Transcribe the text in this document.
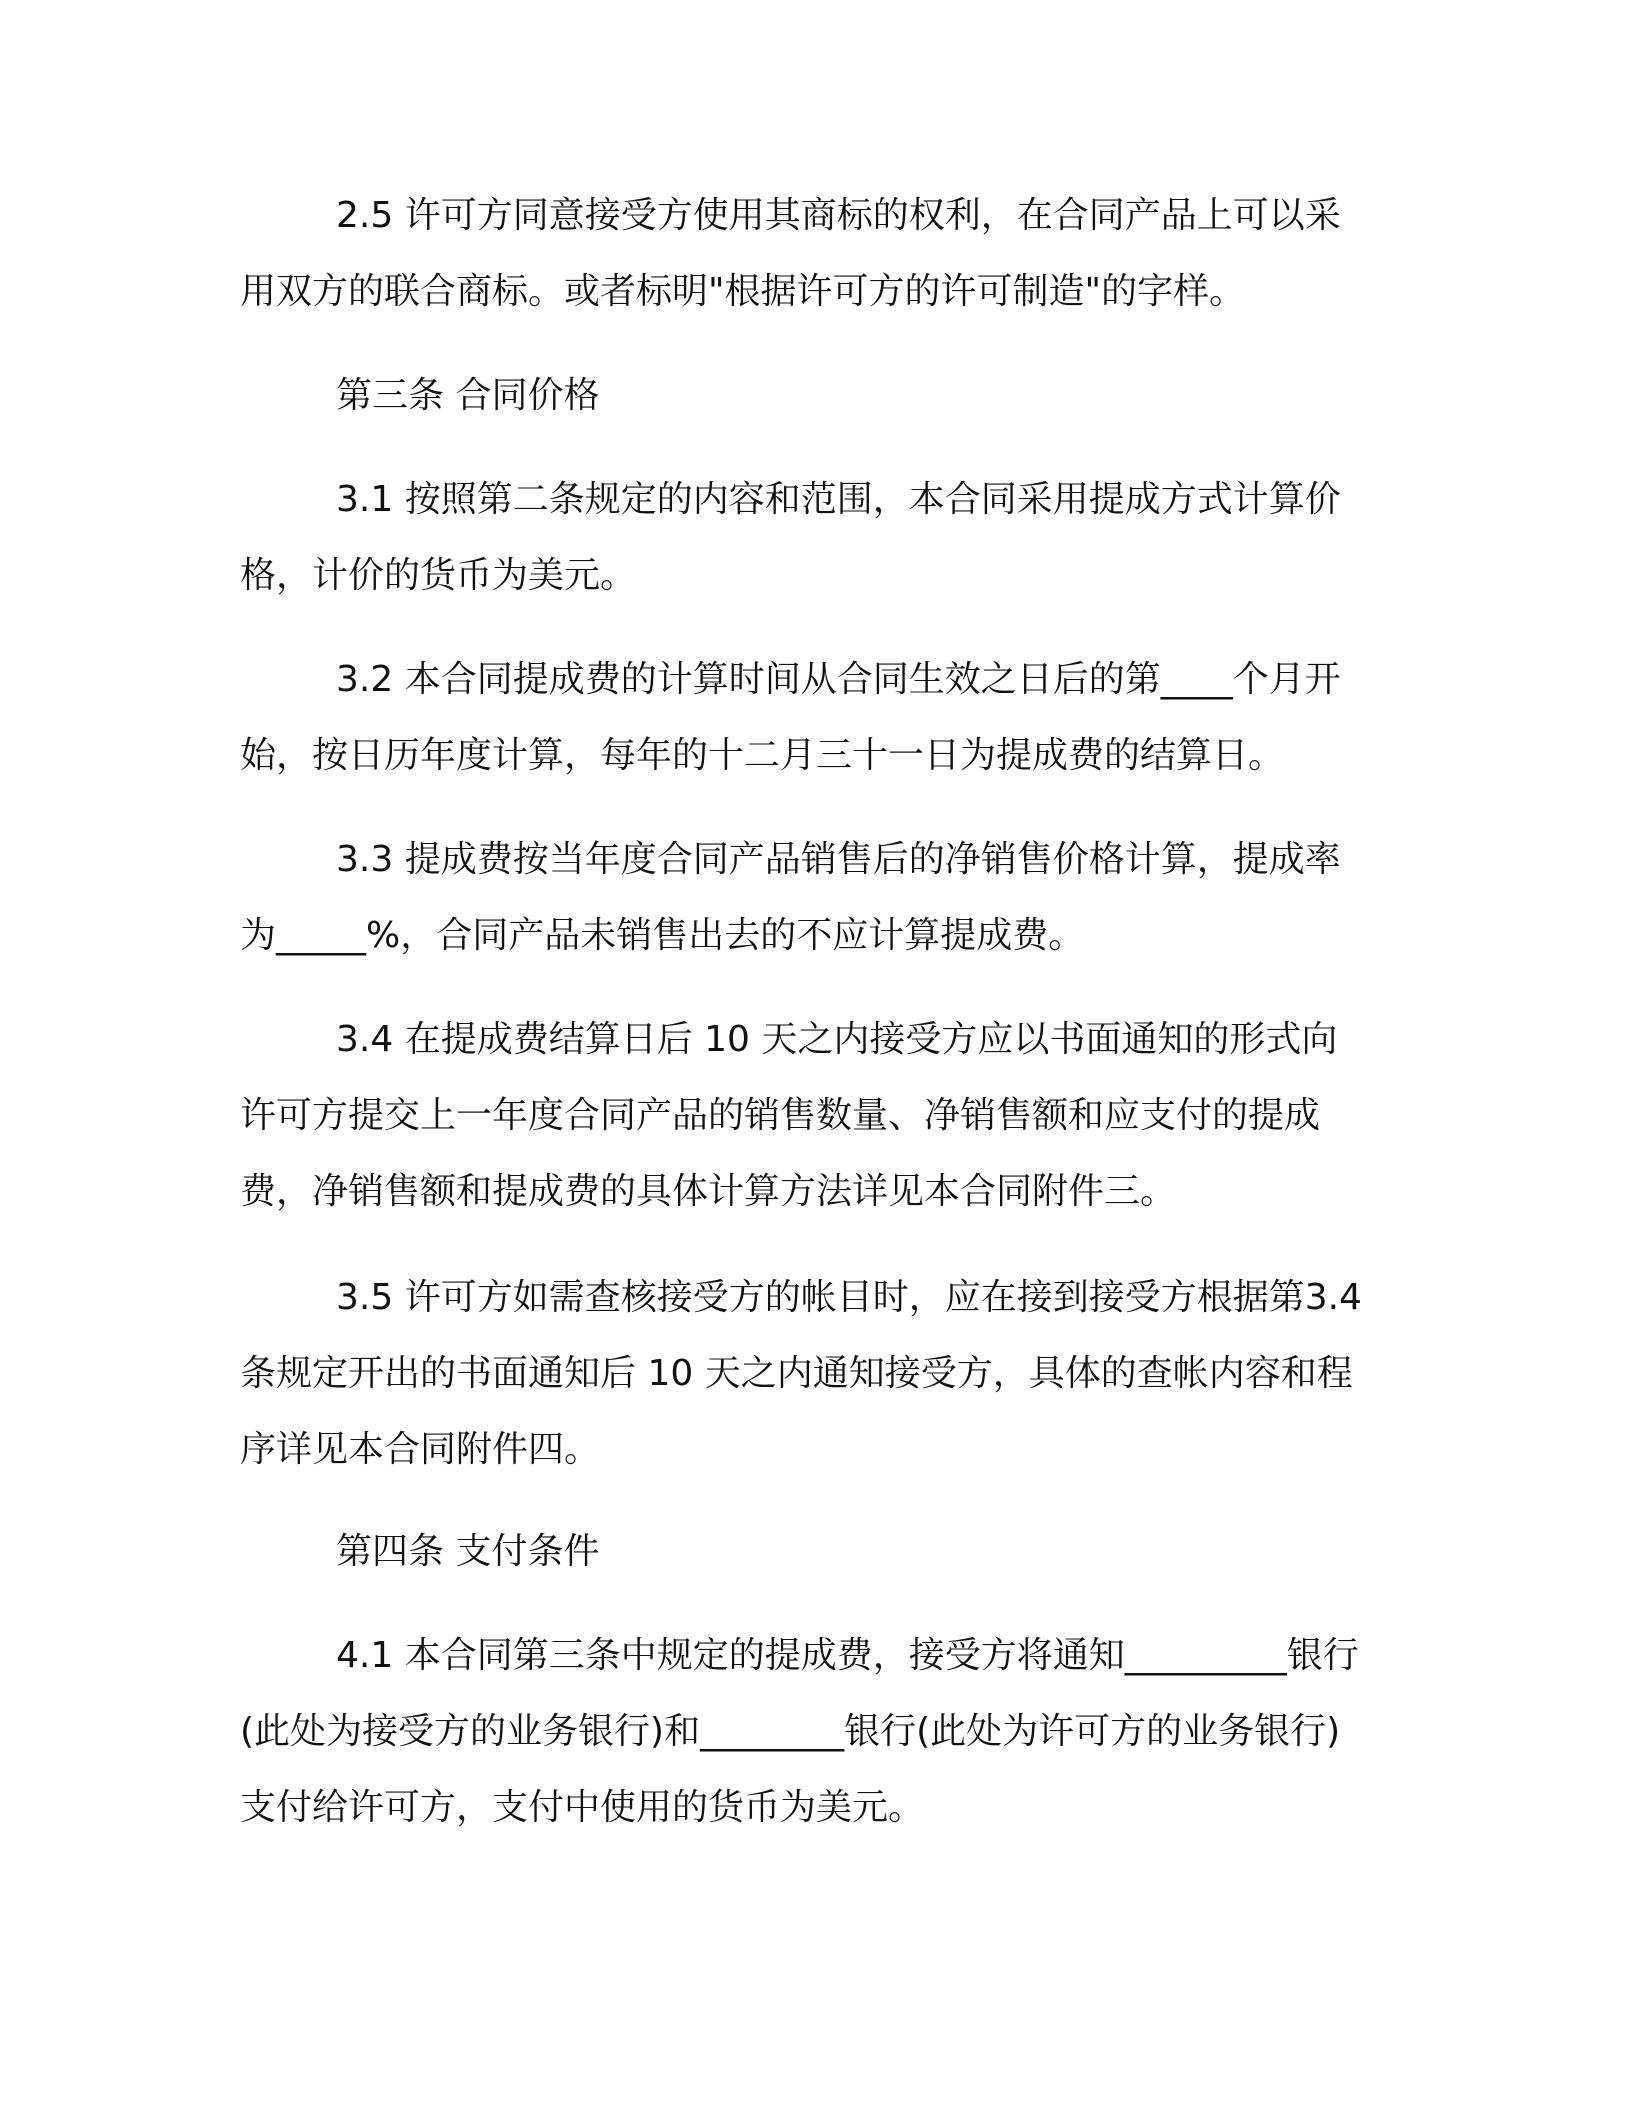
2.5 许可方同意接受方使用其商标的权利，在合同产品上可以采用双方的联合商标。或者标明"根据许可方的许可制造"的字样。

第三条 合同价格

3.1 按照第二条规定的内容和范围，本合同采用提成方式计算价格，计价的货币为美元。

3.2 本合同提成费的计算时间从合同生效之日后的第____个月开始，按日历年度计算，每年的十二月三十一日为提成费的结算日。

3.3 提成费按当年度合同产品销售后的净销售价格计算，提成率为_____%，合同产品未销售出去的不应计算提成费。

3.4 在提成费结算日后 10 天之内接受方应以书面通知的形式向许可方提交上一年度合同产品的销售数量、净销售额和应支付的提成费，净销售额和提成费的具体计算方法详见本合同附件三。

3.5 许可方如需查核接受方的帐目时，应在接到接受方根据第3.4 条规定开出的书面通知后 10 天之内通知接受方，具体的查帐内容和程序详见本合同附件四。

第四条 支付条件

4.1 本合同第三条中规定的提成费，接受方将通知_________银行(此处为接受方的业务银行)和________银行(此处为许可方的业务银行)支付给许可方，支付中使用的货币为美元。
